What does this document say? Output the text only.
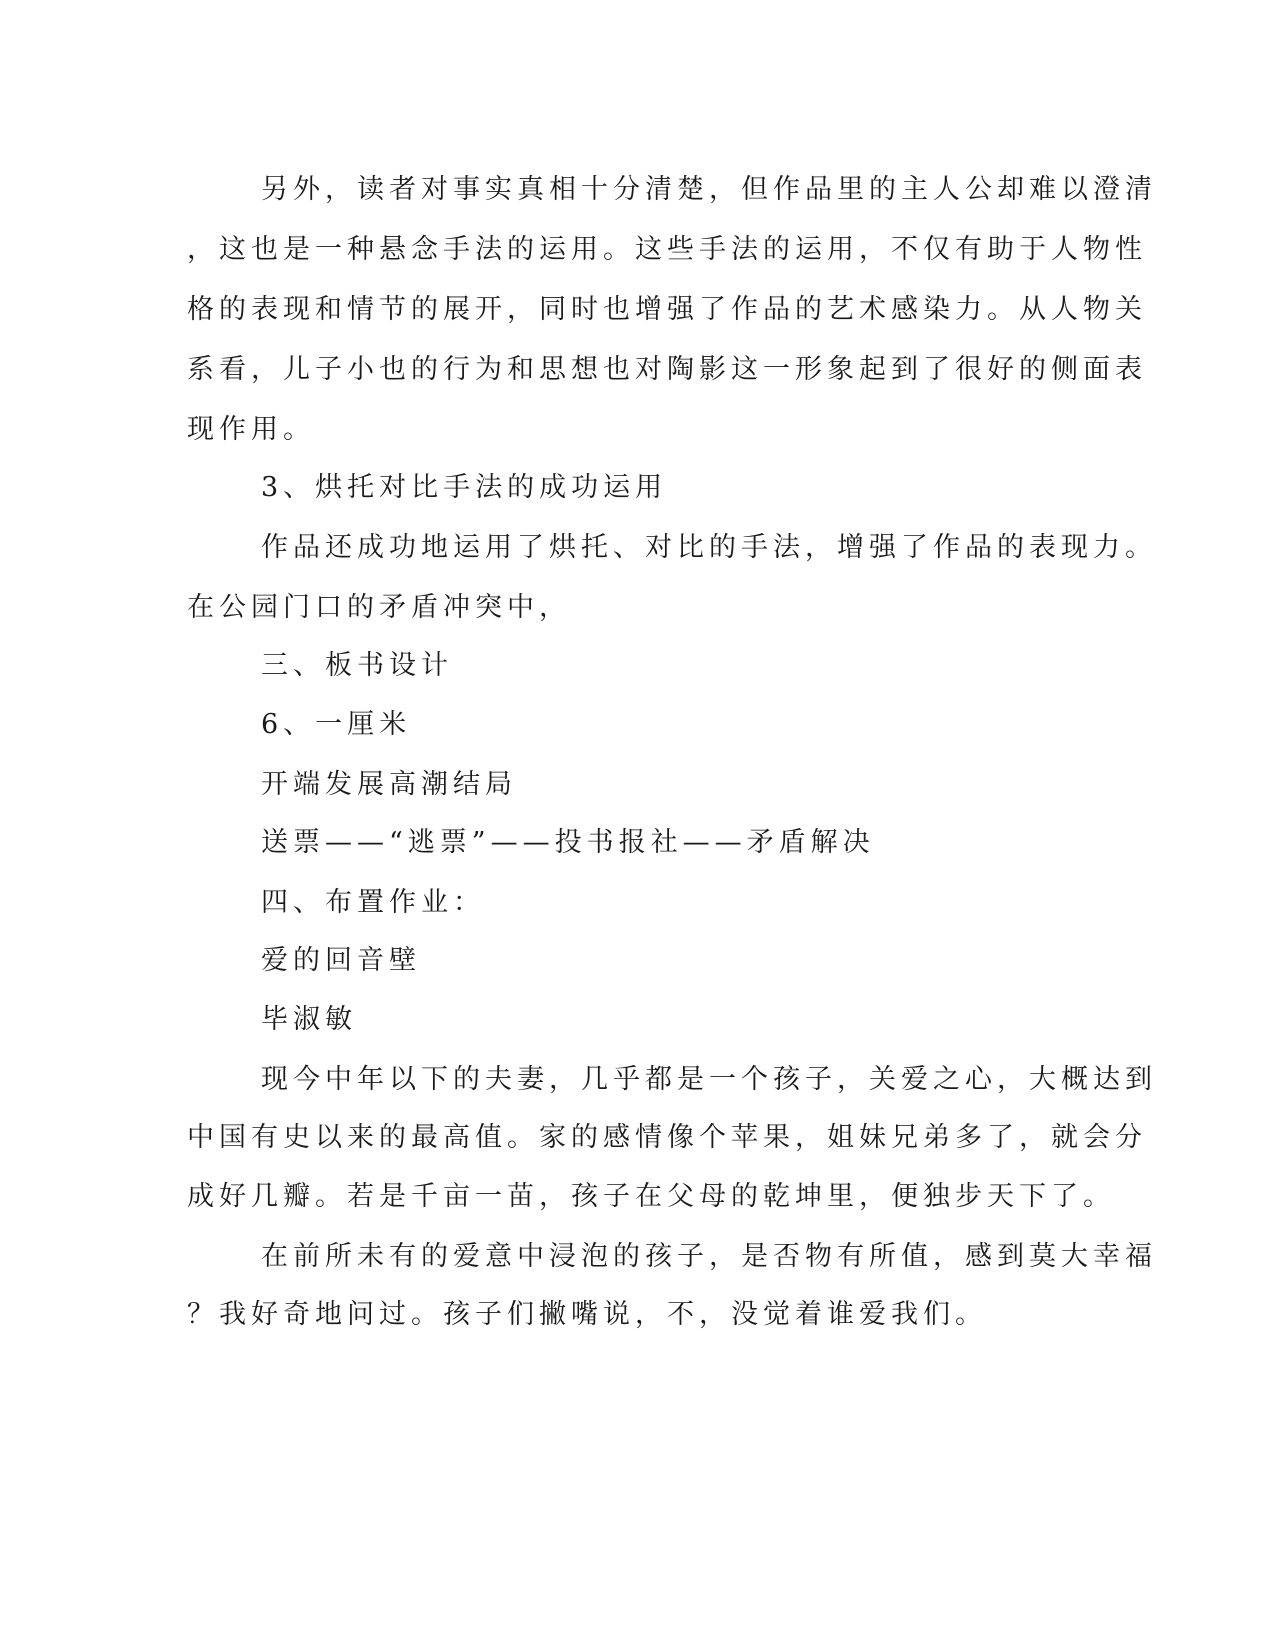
另外，读者对事实真相十分清楚，但作品里的主人公却难以澄清
，这也是一种悬念手法的运用。这些手法的运用，不仅有助于人物性
格的表现和情节的展开，同时也增强了作品的艺术感染力。从人物关
系看，儿子小也的行为和思想也对陶影这一形象起到了很好的侧面表
现作用。
3、烘托对比手法的成功运用
作品还成功地运用了烘托、对比的手法，增强了作品的表现力。
在公园门口的矛盾冲突中，
三、板书设计
6、一厘米
开端发展高潮结局
送票——“逃票”——投书报社——矛盾解决
四、布置作业：
爱的回音壁
毕淑敏
现今中年以下的夫妻，几乎都是一个孩子，关爱之心，大概达到
中国有史以来的最高值。家的感情像个苹果，姐妹兄弟多了，就会分
成好几瓣。若是千亩一苗，孩子在父母的乾坤里，便独步天下了。
在前所未有的爱意中浸泡的孩子，是否物有所值，感到莫大幸福
？我好奇地问过。孩子们撇嘴说，不，没觉着谁爱我们。
